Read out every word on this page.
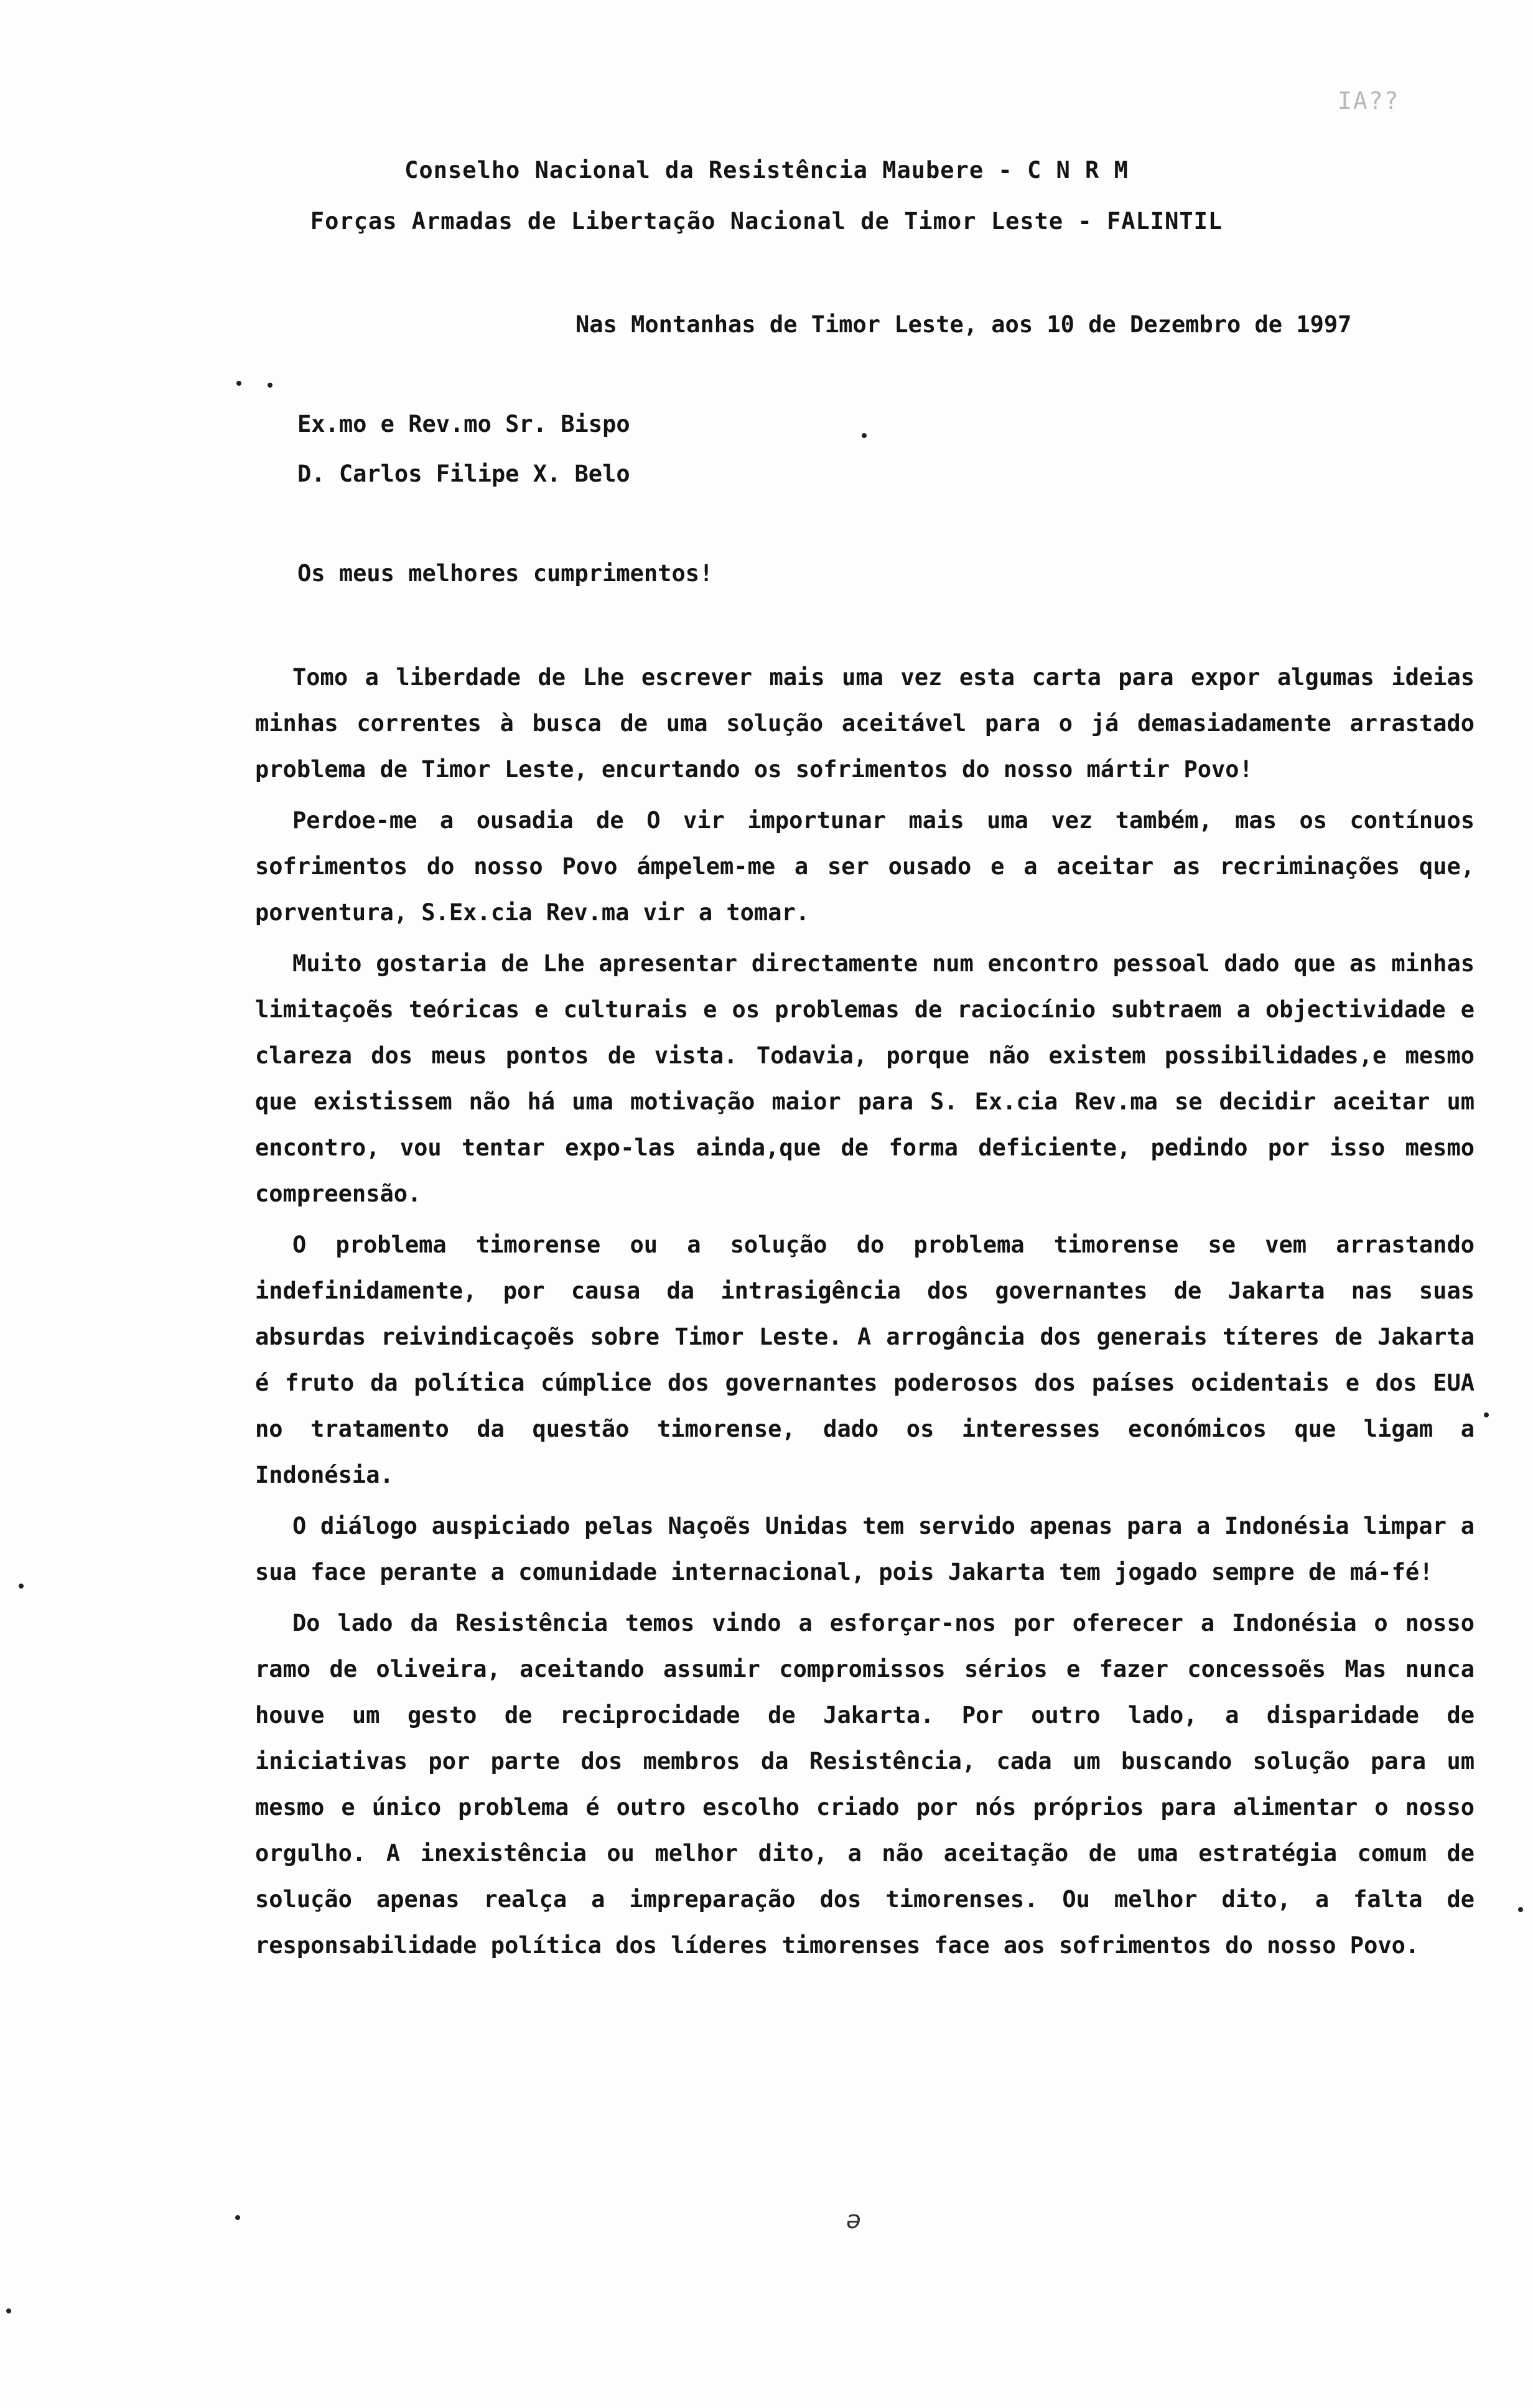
IA??
Conselho Nacional da Resistência Maubere - C N R M
Forças Armadas de Libertação Nacional de Timor Leste - FALINTIL
Nas Montanhas de Timor Leste, aos 10 de Dezembro de 1997
Ex.mo e Rev.mo Sr. Bispo
D. Carlos Filipe X. Belo
Os meus melhores cumprimentos!

Tomo a liberdade de Lhe escrever mais uma vez esta carta para expor algumas ideias minhas correntes à busca de uma solução aceitável para o já demasiadamente arrastado problema de Timor Leste, encurtando os sofrimentos do nosso mártir Povo!

Perdoe-me a ousadia de O vir importunar mais uma vez também, mas os contínuos sofrimentos do nosso Povo ámpelem-me a ser ousado e a aceitar as recriminações que, porventura, S.Ex.cia Rev.ma vir a tomar.

Muito gostaria de Lhe apresentar directamente num encontro pessoal dado que as minhas limitaçoẽs teóricas e culturais e os problemas de raciocínio subtraem a objectividade e clareza dos meus pontos de vista. Todavia, porque não existem possibilidades,e mesmo que existissem não há uma motivação maior para S. Ex.cia Rev.ma se decidir aceitar um encontro, vou tentar expo-las ainda,que de forma deficiente, pedindo por isso mesmo compreensão.

O problema timorense ou a solução do problema timorense se vem arrastando indefinidamente, por causa da intrasigência dos governantes de Jakarta nas suas absurdas reivindicaçoẽs sobre Timor Leste. A arrogância dos generais títeres de Jakarta é fruto da política cúmplice dos governantes poderosos dos países ocidentais e dos EUA no tratamento da questão timorense, dado os interesses económicos que ligam a Indonésia.

O diálogo auspiciado pelas Naçoẽs Unidas tem servido apenas para a Indonésia limpar a sua face perante a comunidade internacional, pois Jakarta tem jogado sempre de má-fé!

Do lado da Resistência temos vindo a esforçar-nos por oferecer a Indonésia o nosso ramo de oliveira, aceitando assumir compromissos sérios e fazer concessoẽs Mas nunca houve um gesto de reciprocidade de Jakarta. Por outro lado, a disparidade de iniciativas por parte dos membros da Resistência, cada um buscando solução para um mesmo e único problema é outro escolho criado por nós próprios para alimentar o nosso orgulho. A inexistência ou melhor dito, a não aceitação de uma estratégia comum de solução apenas realça a impreparação dos timorenses. Ou melhor dito, a falta de responsabilidade política dos líderes timorenses face aos sofrimentos do nosso Povo.

ə
